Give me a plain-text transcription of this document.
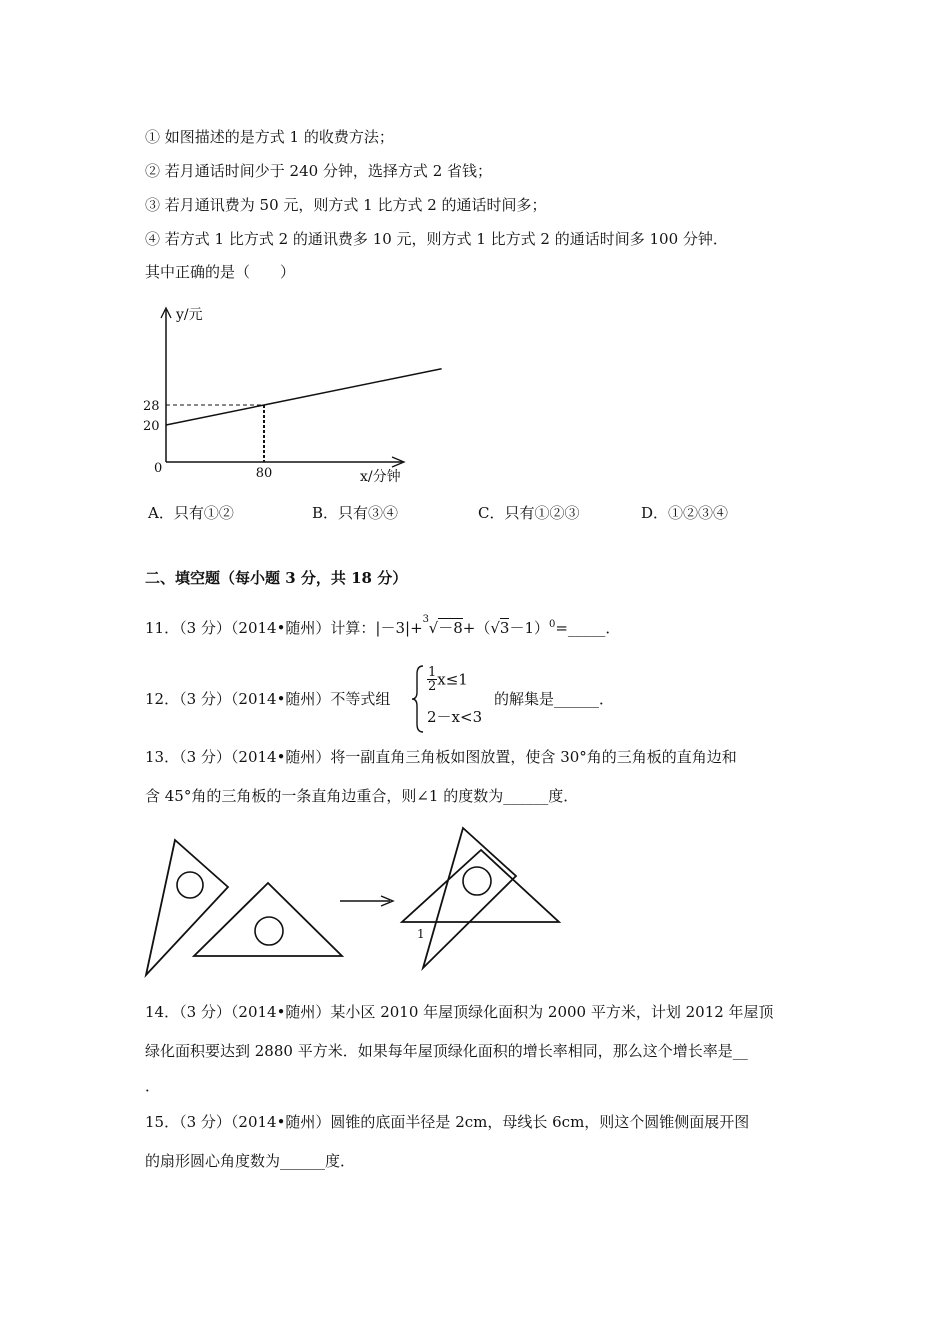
① 如图描述的是方式 1 的收费方法；
② 若月通话时间少于 240 分钟，选择方式 2 省钱；
③ 若月通讯费为 50 元，则方式 1 比方式 2 的通话时间多；
④ 若方式 1 比方式 2 的通讯费多 10 元，则方式 1 比方式 2 的通话时间多 100 分钟．
其中正确的是（　　）
y/元
x/分钟
0
20
28
80
A．只有①②	B．只有③④	C．只有①②③	D．①②③④
二、填空题（每小题 3 分，共 18 分）
11．（3 分）（2014•随州）计算：|－3|+ 3 $√-8+(√3-1)^0=\_\_\_\_\_$．
12．（3 分）（2014•随州）不等式组
$\frac{1}{2} x\le 1$
2－x<3
的解集是______．
13．（3 分）（2014•随州）将一副直角三角板如图放置，使含 30°角的三角板的直角边和
含 45°角的三角板的一条直角边重合，则∠1 的度数为______度．
1
14．（3 分）（2014•随州）某小区 2010 年屋顶绿化面积为 2000 平方米，计划 2012 年屋顶
绿化面积要达到 2880 平方米．如果每年屋顶绿化面积的增长率相同，那么这个增长率是__
．
15．（3 分）（2014•随州）圆锥的底面半径是 2cm，母线长 6cm，则这个圆锥侧面展开图
的扇形圆心角度数为______度．
